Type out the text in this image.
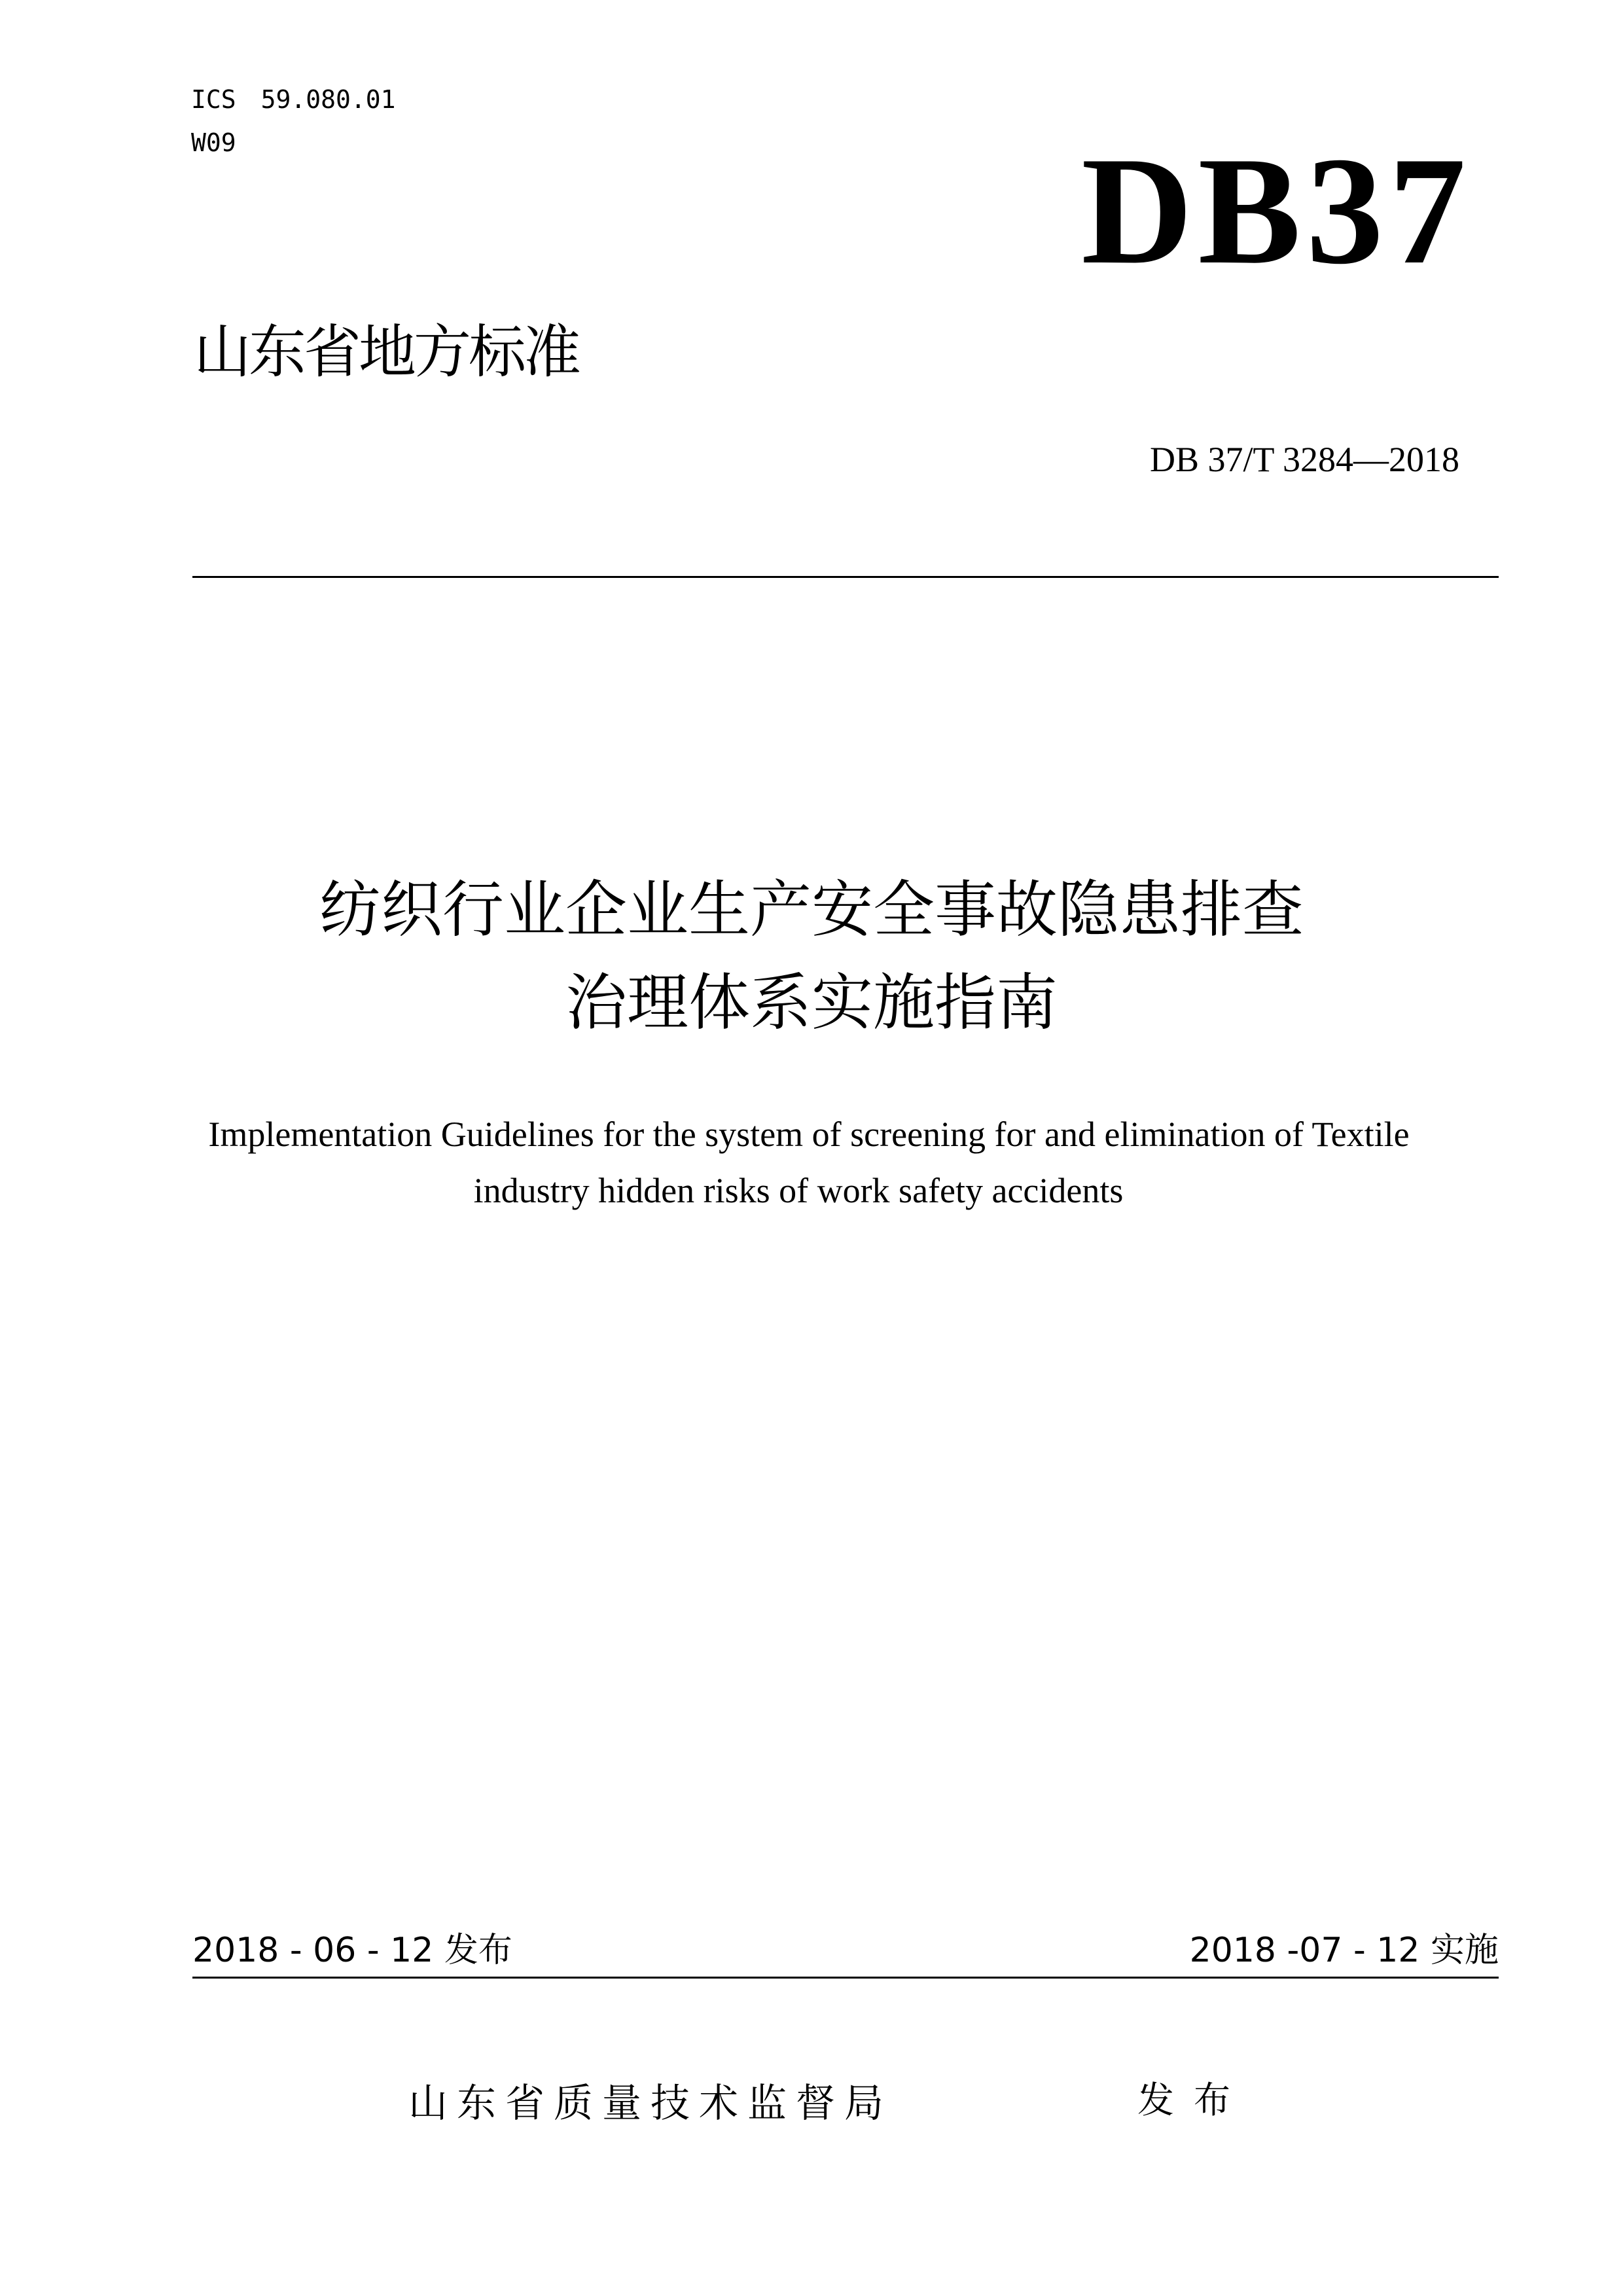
ICS 59.080.01
W09	DB37
山东省地方标准
DB 37/T 3284—2018
纺织行业企业生产安全事故隐患排查
治理体系实施指南
Implementation Guidelines for the system of screening for and elimination of Textile
industry hidden risks of work safety accidents
2018 - 06 - 12 发布	2018 -07 - 12 实施
山东省质量技术监督局	发布
